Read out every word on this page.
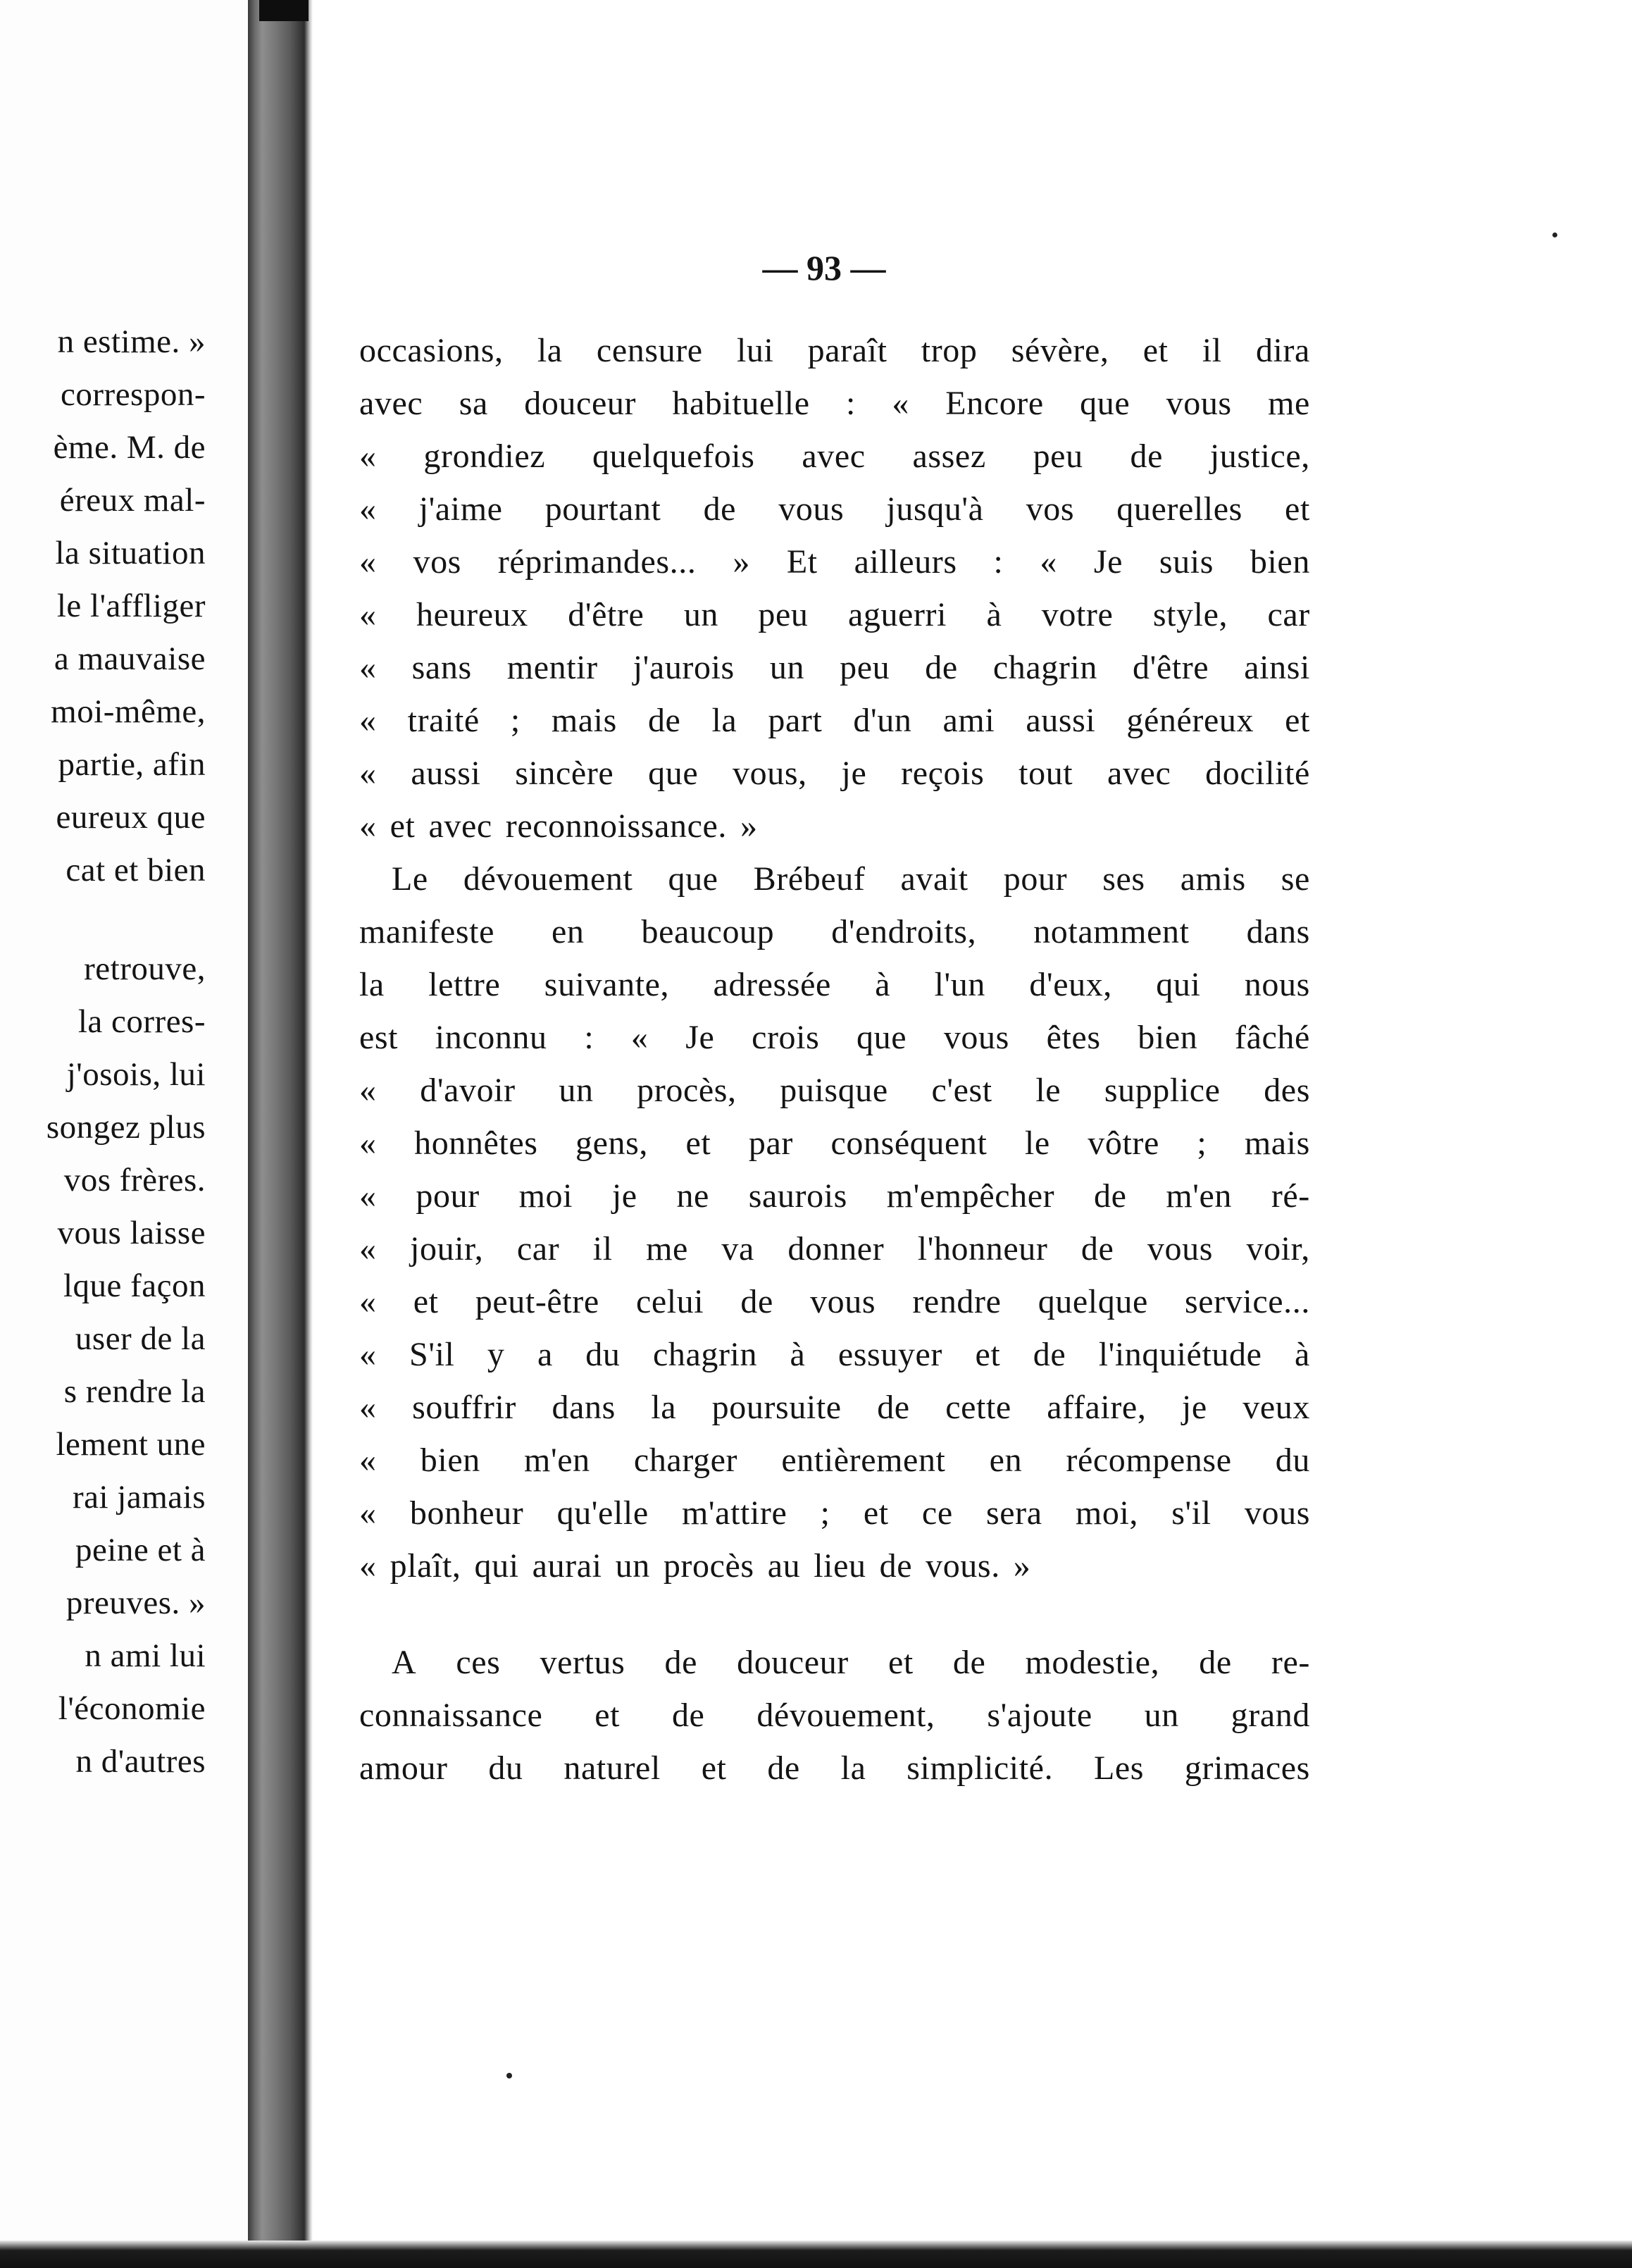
n estime. »
correspon-
ème. M. de
éreux mal-
la situation
le l'affliger
a mauvaise
moi-même,
partie, afin
eureux que
cat et bien
retrouve,
la corres-
j'osois, lui
songez plus
vos frères.
vous laisse
lque façon
user de la
s rendre la
lement une
rai jamais
peine et à
preuves. »
n ami lui
l'économie
n d'autres
— 93 —
occasions, la censure lui paraît trop sévère, et il dira
avec sa douceur habituelle : « Encore que vous me
« grondiez quelquefois avec assez peu de justice,
« j'aime pourtant de vous jusqu'à vos querelles et
« vos réprimandes... » Et ailleurs : « Je suis bien
« heureux d'être un peu aguerri à votre style, car
« sans mentir j'aurois un peu de chagrin d'être ainsi
« traité ; mais de la part d'un ami aussi généreux et
« aussi sincère que vous, je reçois tout avec docilité
« et avec reconnoissance. »
Le dévouement que Brébeuf avait pour ses amis se
manifeste en beaucoup d'endroits, notamment dans
la lettre suivante, adressée à l'un d'eux, qui nous
est inconnu : « Je crois que vous êtes bien fâché
« d'avoir un procès, puisque c'est le supplice des
« honnêtes gens, et par conséquent le vôtre ; mais
« pour moi je ne saurois m'empêcher de m'en ré-
« jouir, car il me va donner l'honneur de vous voir,
« et peut-être celui de vous rendre quelque service...
« S'il y a du chagrin à essuyer et de l'inquiétude à
« souffrir dans la poursuite de cette affaire, je veux
« bien m'en charger entièrement en récompense du
« bonheur qu'elle m'attire ; et ce sera moi, s'il vous
« plaît, qui aurai un procès au lieu de vous. »
A ces vertus de douceur et de modestie, de re-
connaissance et de dévouement, s'ajoute un grand
amour du naturel et de la simplicité. Les grimaces
